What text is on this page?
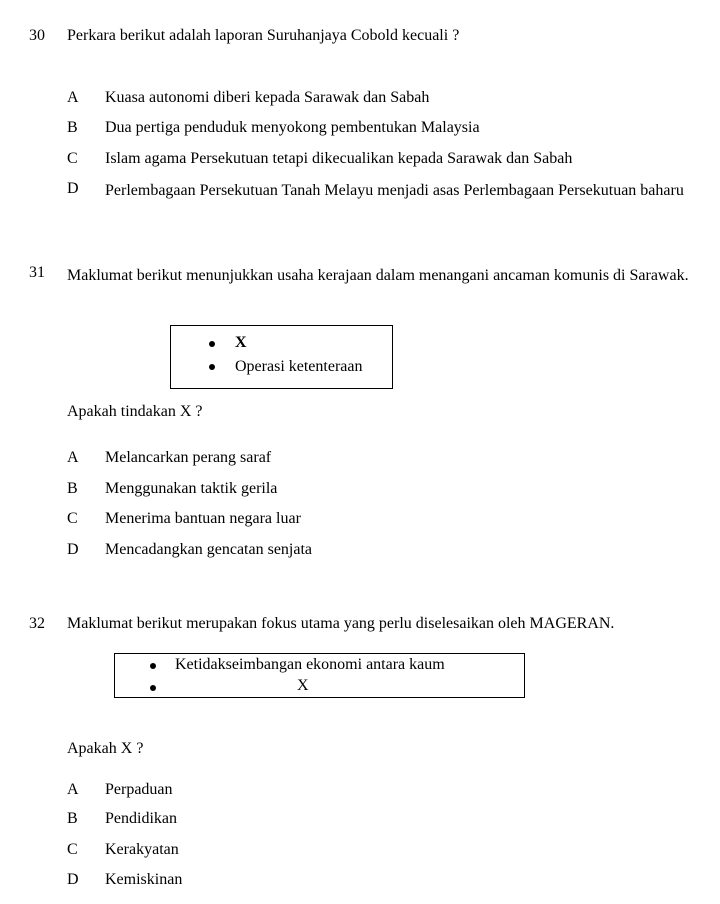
30 Perkara berikut adalah laporan Suruhanjaya Cobold kecuali ?
A Kuasa autonomi diberi kepada Sarawak dan Sabah
B Dua pertiga penduduk menyokong pembentukan Malaysia
C Islam agama Persekutuan tetapi dikecualikan kepada Sarawak dan Sabah
D Perlembagaan Persekutuan Tanah Melayu menjadi asas Perlembagaan Persekutuan baharu
31 Maklumat berikut menunjukkan usaha kerajaan dalam menangani ancaman komunis di Sarawak.
X
Operasi ketenteraan
Apakah tindakan X ?
A Melancarkan perang saraf
B Menggunakan taktik gerila
C Menerima bantuan negara luar
D Mencadangkan gencatan senjata
32 Maklumat berikut merupakan fokus utama yang perlu diselesaikan oleh MAGERAN.
Ketidakseimbangan ekonomi antara kaum
X
Apakah X ?
A Perpaduan
B Pendidikan
C Kerakyatan
D Kemiskinan
